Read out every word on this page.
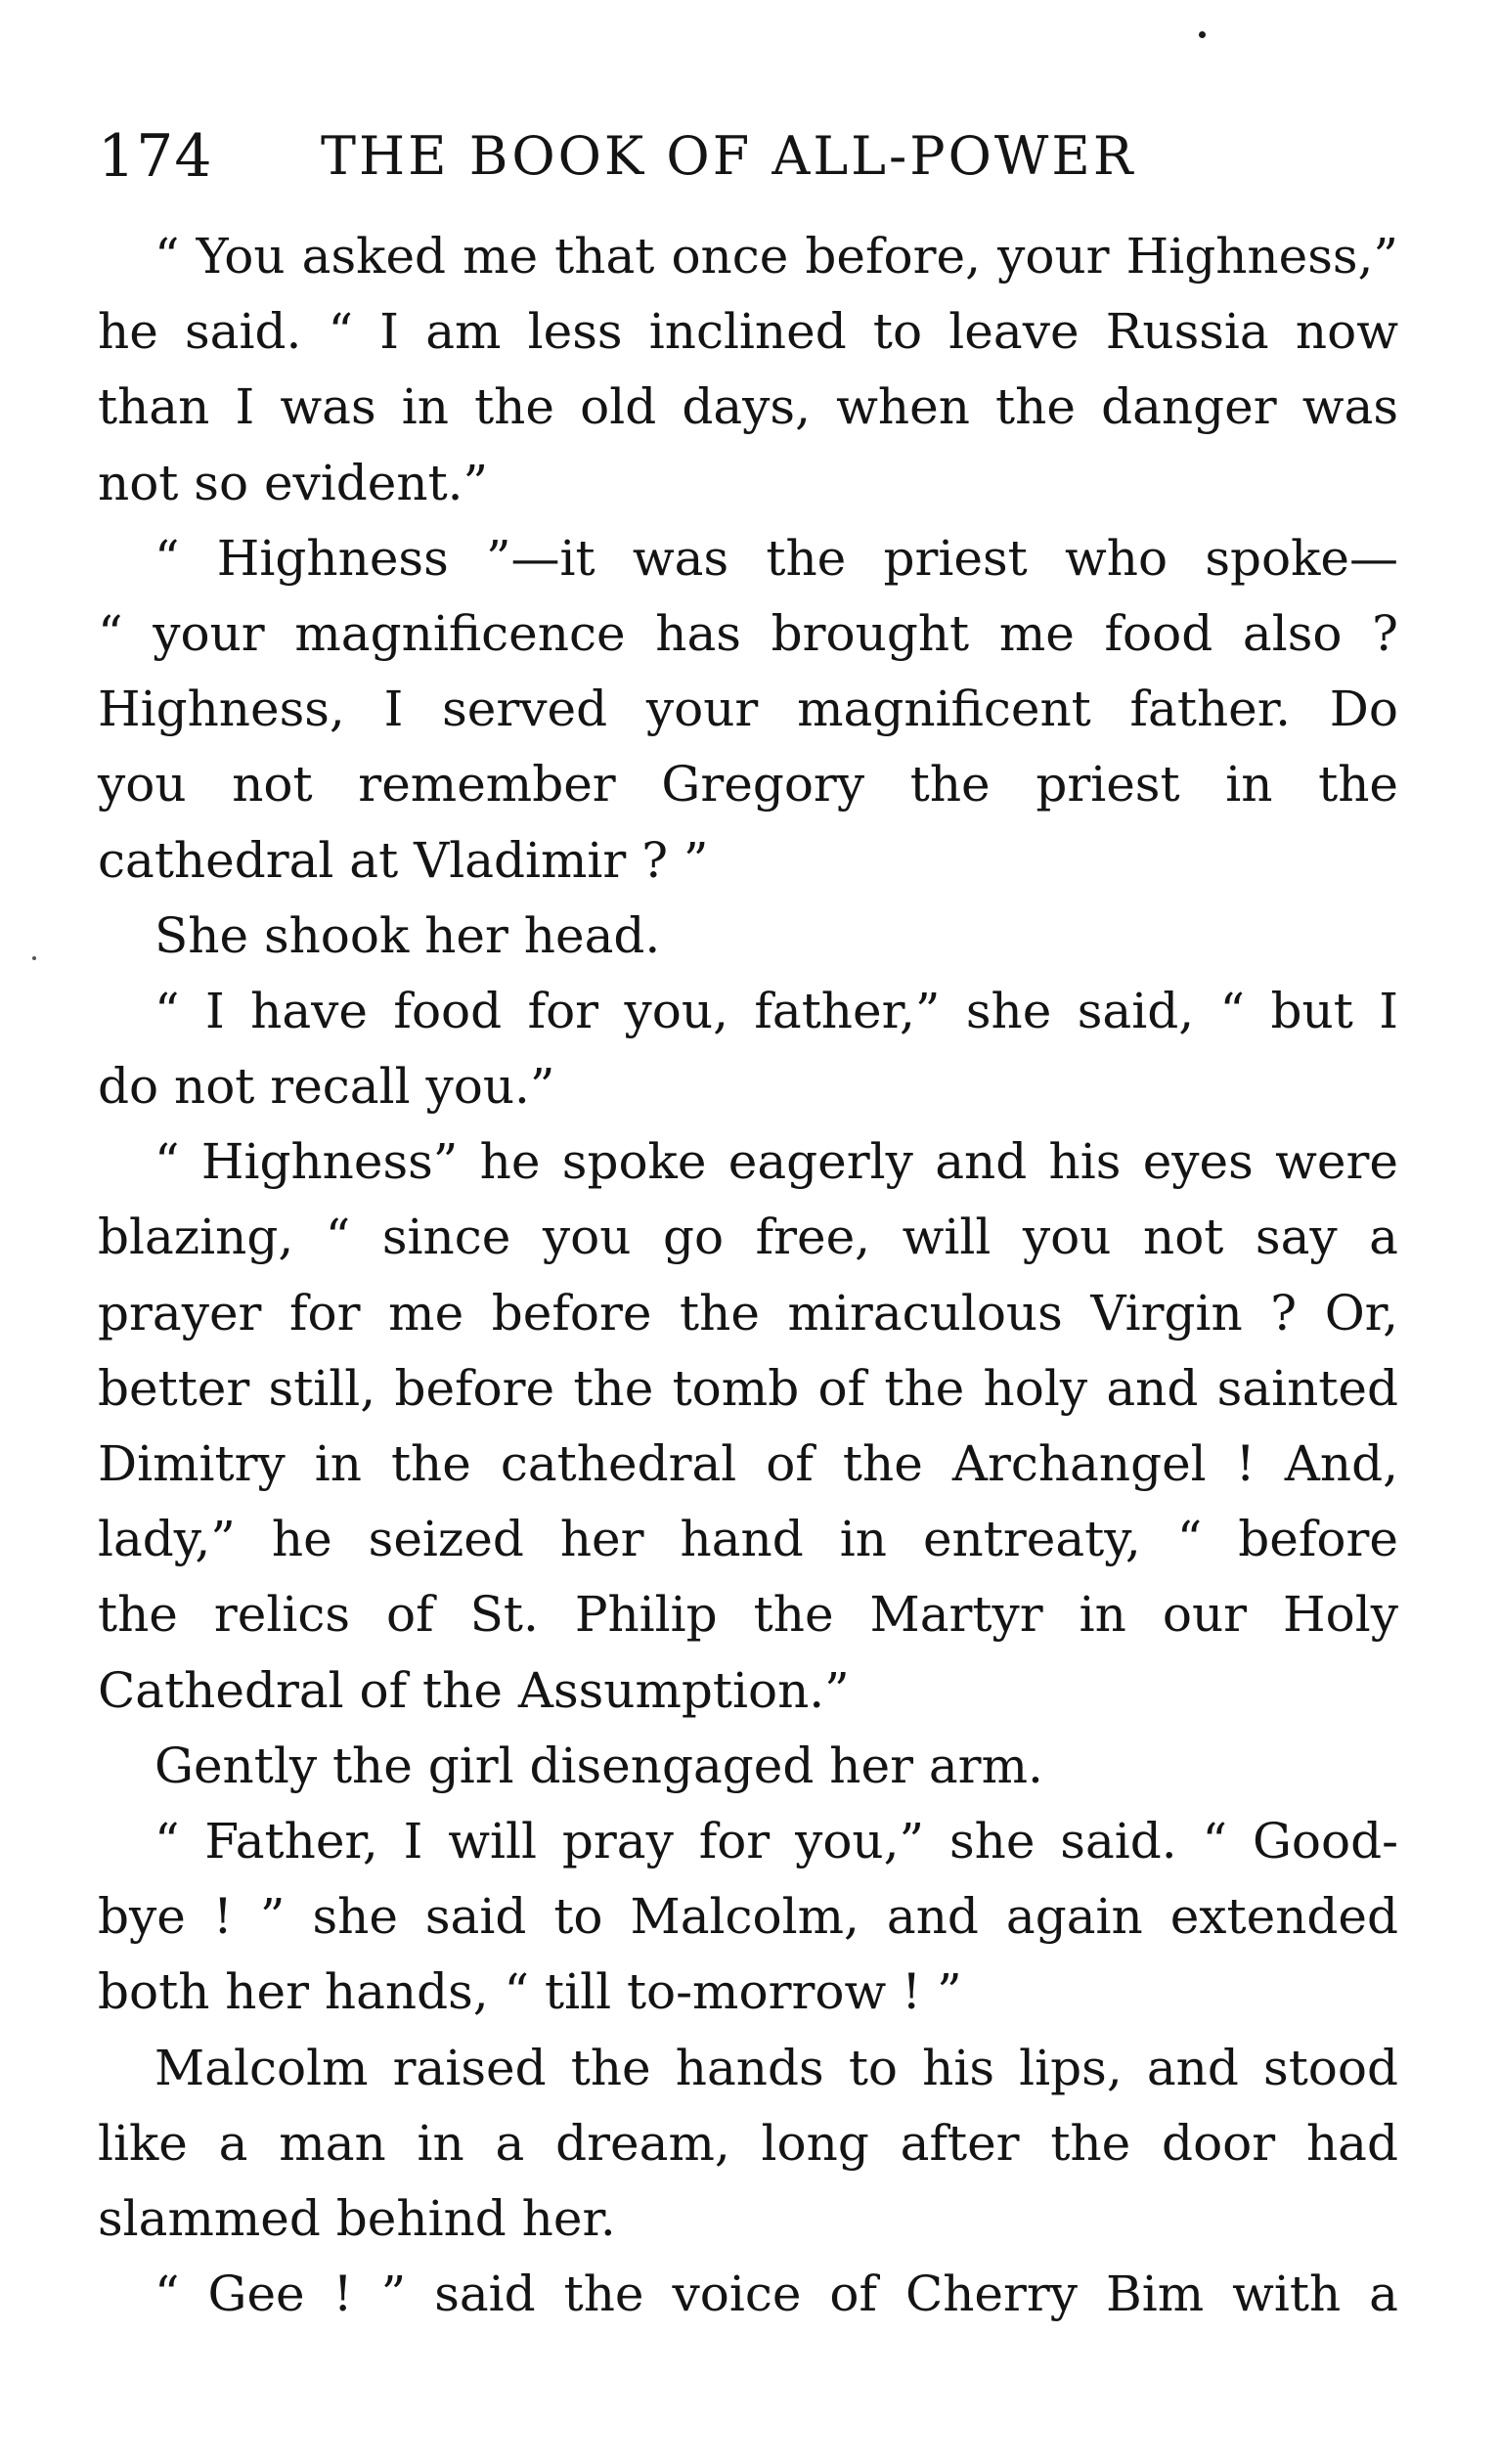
174 THE BOOK OF ALL-POWER
“ You asked me that once before, your Highness,”
he said. “ I am less inclined to leave Russia now
than I was in the old days, when the danger was
not so evident.”
“ Highness ”—it was the priest who spoke—
“ your magnificence has brought me food also ?
Highness, I served your magnificent father. Do
you not remember Gregory the priest in the
cathedral at Vladimir ? ”
She shook her head.
“ I have food for you, father,” she said, “ but I
do not recall you.”
“ Highness” he spoke eagerly and his eyes were
blazing, “ since you go free, will you not say a
prayer for me before the miraculous Virgin ? Or,
better still, before the tomb of the holy and sainted
Dimitry in the cathedral of the Archangel ! And,
lady,” he seized her hand in entreaty, “ before
the relics of St. Philip the Martyr in our Holy
Cathedral of the Assumption.”
Gently the girl disengaged her arm.
“ Father, I will pray for you,” she said. “ Good-
bye ! ” she said to Malcolm, and again extended
both her hands, “ till to-morrow ! ”
Malcolm raised the hands to his lips, and stood
like a man in a dream, long after the door had
slammed behind her.
“ Gee ! ” said the voice of Cherry Bim with a
